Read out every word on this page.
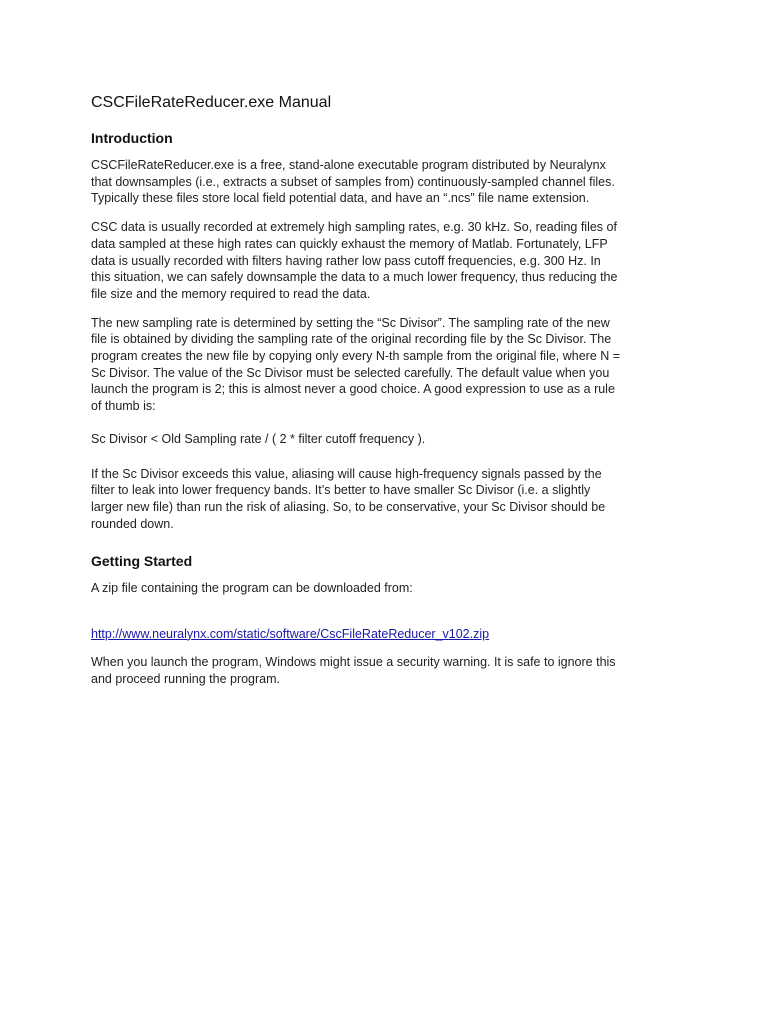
CSCFileRateReducer.exe Manual
Introduction

CSCFileRateReducer.exe is a free, stand-alone executable program distributed by Neuralynx
that downsamples (i.e., extracts a subset of samples from) continuously-sampled channel files.
Typically these files store local field potential data, and have an “.ncs” file name extension.

CSC data is usually recorded at extremely high sampling rates, e.g. 30 kHz. So, reading files of
data sampled at these high rates can quickly exhaust the memory of Matlab. Fortunately, LFP
data is usually recorded with filters having rather low pass cutoff frequencies, e.g. 300 Hz. In
this situation, we can safely downsample the data to a much lower frequency, thus reducing the
file size and the memory required to read the data.

The new sampling rate is determined by setting the “Sc Divisor”. The sampling rate of the new
file is obtained by dividing the sampling rate of the original recording file by the Sc Divisor. The
program creates the new file by copying only every N-th sample from the original file, where N =
Sc Divisor. The value of the Sc Divisor must be selected carefully. The default value when you
launch the program is 2; this is almost never a good choice. A good expression to use as a rule
of thumb is:

Sc Divisor < Old Sampling rate / ( 2 * filter cutoff frequency ).

If the Sc Divisor exceeds this value, aliasing will cause high-frequency signals passed by the
filter to leak into lower frequency bands. It’s better to have smaller Sc Divisor (i.e. a slightly
larger new file) than run the risk of aliasing. So, to be conservative, your Sc Divisor should be
rounded down.

Getting Started

A zip file containing the program can be downloaded from:

http://www.neuralynx.com/static/software/CscFileRateReducer_v102.zip

When you launch the program, Windows might issue a security warning. It is safe to ignore this
and proceed running the program.
